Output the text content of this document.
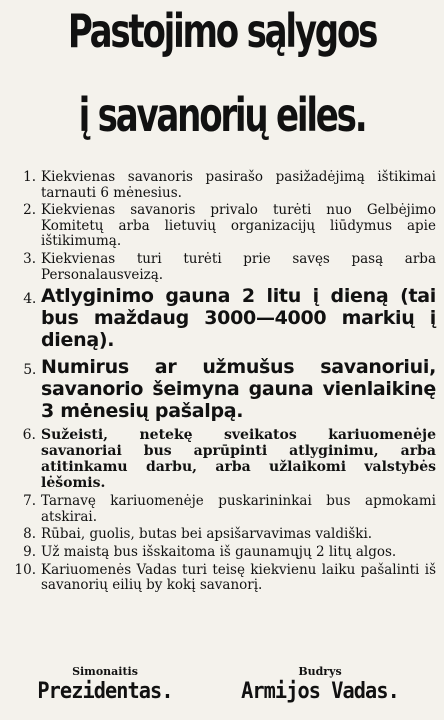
Pastojimo sąlygos
į savanorių eiles.
1. Kiekvienas savanoris pasirašo pasižadėjimą ištikimai tarnauti 6 mėnesius.
2. Kiekvienas savanoris privalo turėti nuo Gelbėjimo Komitetų arba lietuvių organizacijų liūdymus apie ištikimumą.
3. Kiekvienas turi turėti prie savęs pasą arba Personalausveizą.
4. Atlyginimo gauna 2 litu į dieną (tai bus maždaug 3000—4000 markių į dieną).
5. Numirus ar užmušus savanoriui, savanorio šeimyna gauna vienlaikinę 3 mėnesių pašalpą.
6. Sužeisti, netekę sveikatos kariuomenėje savanoriai bus aprūpinti atlyginimu, arba atitinkamu darbu, arba užlaikomi valstybės lėšomis.
7. Tarnavę kariuomenėje puskarininkai bus apmokami atskirai.
8. Rūbai, guolis, butas bei apsišarvavimas valdiški.
9. Už maistą bus išskaitoma iš gaunamųjų 2 litų algos.
10. Kariuomenės Vadas turi teisę kiekvienu laiku pašalinti iš savanorių eilių by kokį savanorį.
Simonaitis
Prezidentas.
Budrys
Armijos Vadas.
